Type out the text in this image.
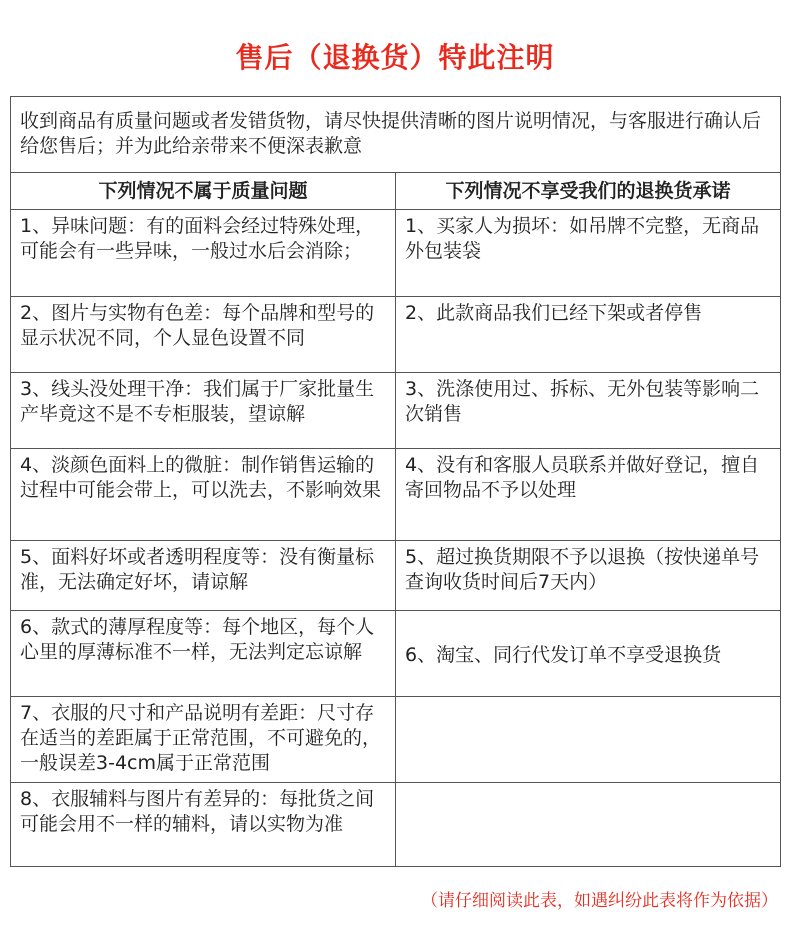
售后（退换货）特此注明
收到商品有质量问题或者发错货物，请尽快提供清晰的图片说明情况，与客服进行确认后给您售后；并为此给亲带来不便深表歉意	
下列情况不属于质量问题	下列情况不享受我们的退换货承诺
1、异味问题：有的面料会经过特殊处理，可能会有一些异味，一般过水后会消除；	1、买家人为损坏：如吊牌不完整，无商品外包装袋
2、图片与实物有色差：每个品牌和型号的显示状况不同，个人显色设置不同	2、此款商品我们已经下架或者停售
3、线头没处理干净：我们属于厂家批量生产毕竟这不是不专柜服装，望谅解	3、洗涤使用过、拆标、无外包装等影响二次销售
4、淡颜色面料上的微脏：制作销售运输的过程中可能会带上，可以洗去，不影响效果	4、没有和客服人员联系并做好登记，擅自寄回物品不予以处理
5、面料好坏或者透明程度等：没有衡量标准，无法确定好坏，请谅解	5、超过换货期限不予以退换（按快递单号查询收货时间后7天内）
6、款式的薄厚程度等：每个地区，每个人心里的厚薄标准不一样，无法判定忘谅解	6、淘宝、同行代发订单不享受退换货
7、衣服的尺寸和产品说明有差距：尺寸存在适当的差距属于正常范围，不可避免的，一般误差3-4cm属于正常范围	
8、衣服辅料与图片有差异的：每批货之间可能会用不一样的辅料，请以实物为准	
（请仔细阅读此表，如遇纠纷此表将作为依据）
